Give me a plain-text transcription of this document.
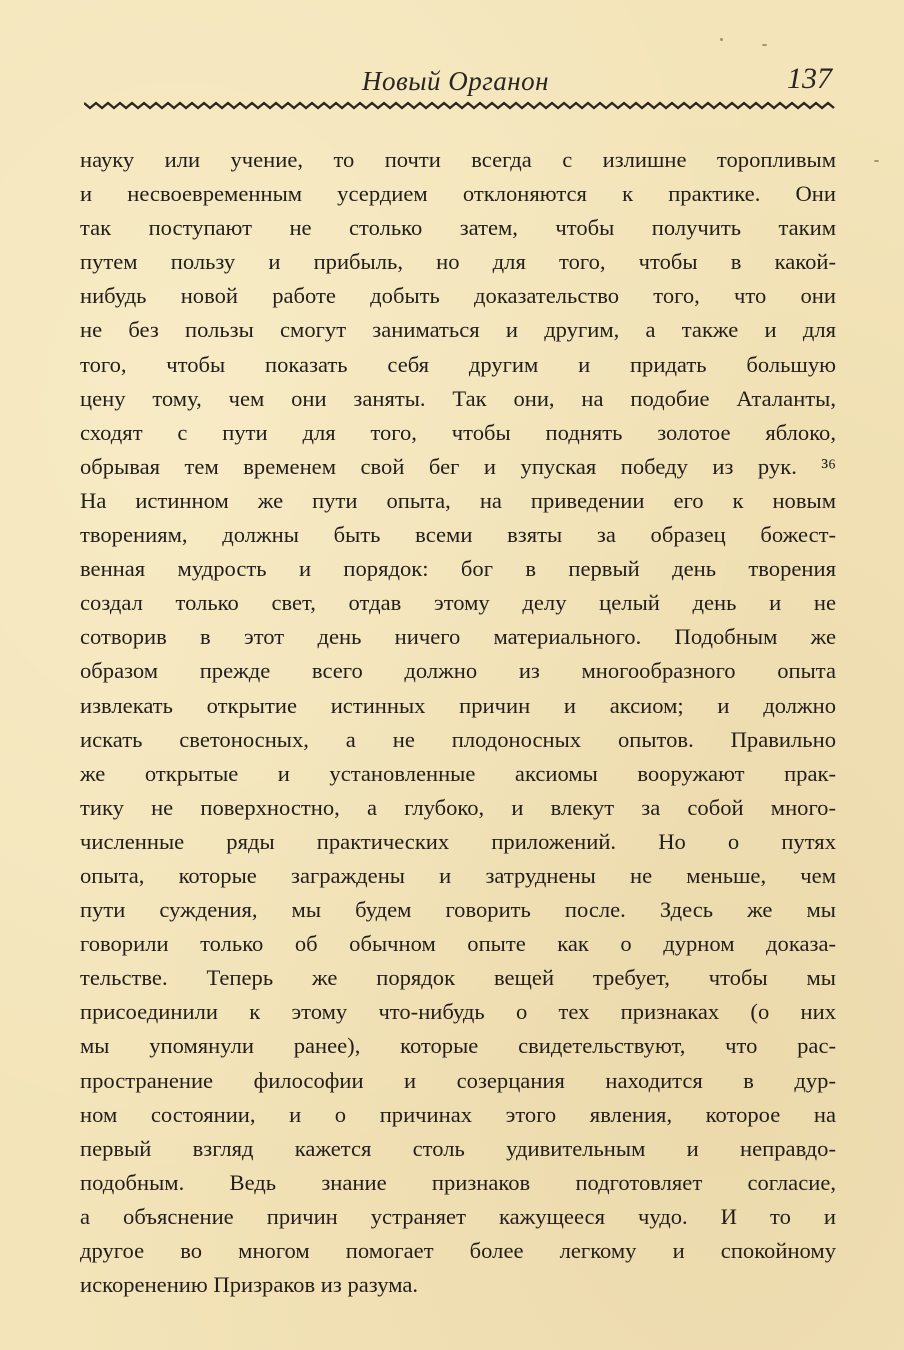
Новый Органон	137
науку или учение, то почти всегда с излишне торопливым
и несвоевременным усердием отклоняются к практике. Они
так поступают не столько затем, чтобы получить таким
путем пользу и прибыль, но для того, чтобы в какой-
нибудь новой работе добыть доказательство того, что они
не без пользы смогут заниматься и другим, а также и для
того, чтобы показать себя другим и придать большую
цену тому, чем они заняты. Так они, на подобие Аталанты,
сходят с пути для того, чтобы поднять золотое яблоко,
обрывая тем временем свой бег и упуская победу из рук. ³⁶
На истинном же пути опыта, на приведении его к новым
творениям, должны быть всеми взяты за образец божест-
венная мудрость и порядок: бог в первый день творения
создал только свет, отдав этому делу целый день и не
сотворив в этот день ничего материального. Подобным же
образом прежде всего должно из многообразного опыта
извлекать открытие истинных причин и аксиом; и должно
искать светоносных, а не плодоносных опытов. Правильно
же открытые и установленные аксиомы вооружают прак-
тику не поверхностно, а глубоко, и влекут за собой много-
численные ряды практических приложений. Но о путях
опыта, которые заграждены и затруднены не меньше, чем
пути суждения, мы будем говорить после. Здесь же мы
говорили только об обычном опыте как о дурном доказа-
тельстве. Теперь же порядок вещей требует, чтобы мы
присоединили к этому что-нибудь о тех признаках (о них
мы упомянули ранее), которые свидетельствуют, что рас-
пространение философии и созерцания находится в дур-
ном состоянии, и о причинах этого явления, которое на
первый взгляд кажется столь удивительным и неправдо-
подобным. Ведь знание признаков подготовляет согласие,
а объяснение причин устраняет кажущееся чудо. И то и
другое во многом помогает более легкому и спокойному
искоренению Призраков из разума.
